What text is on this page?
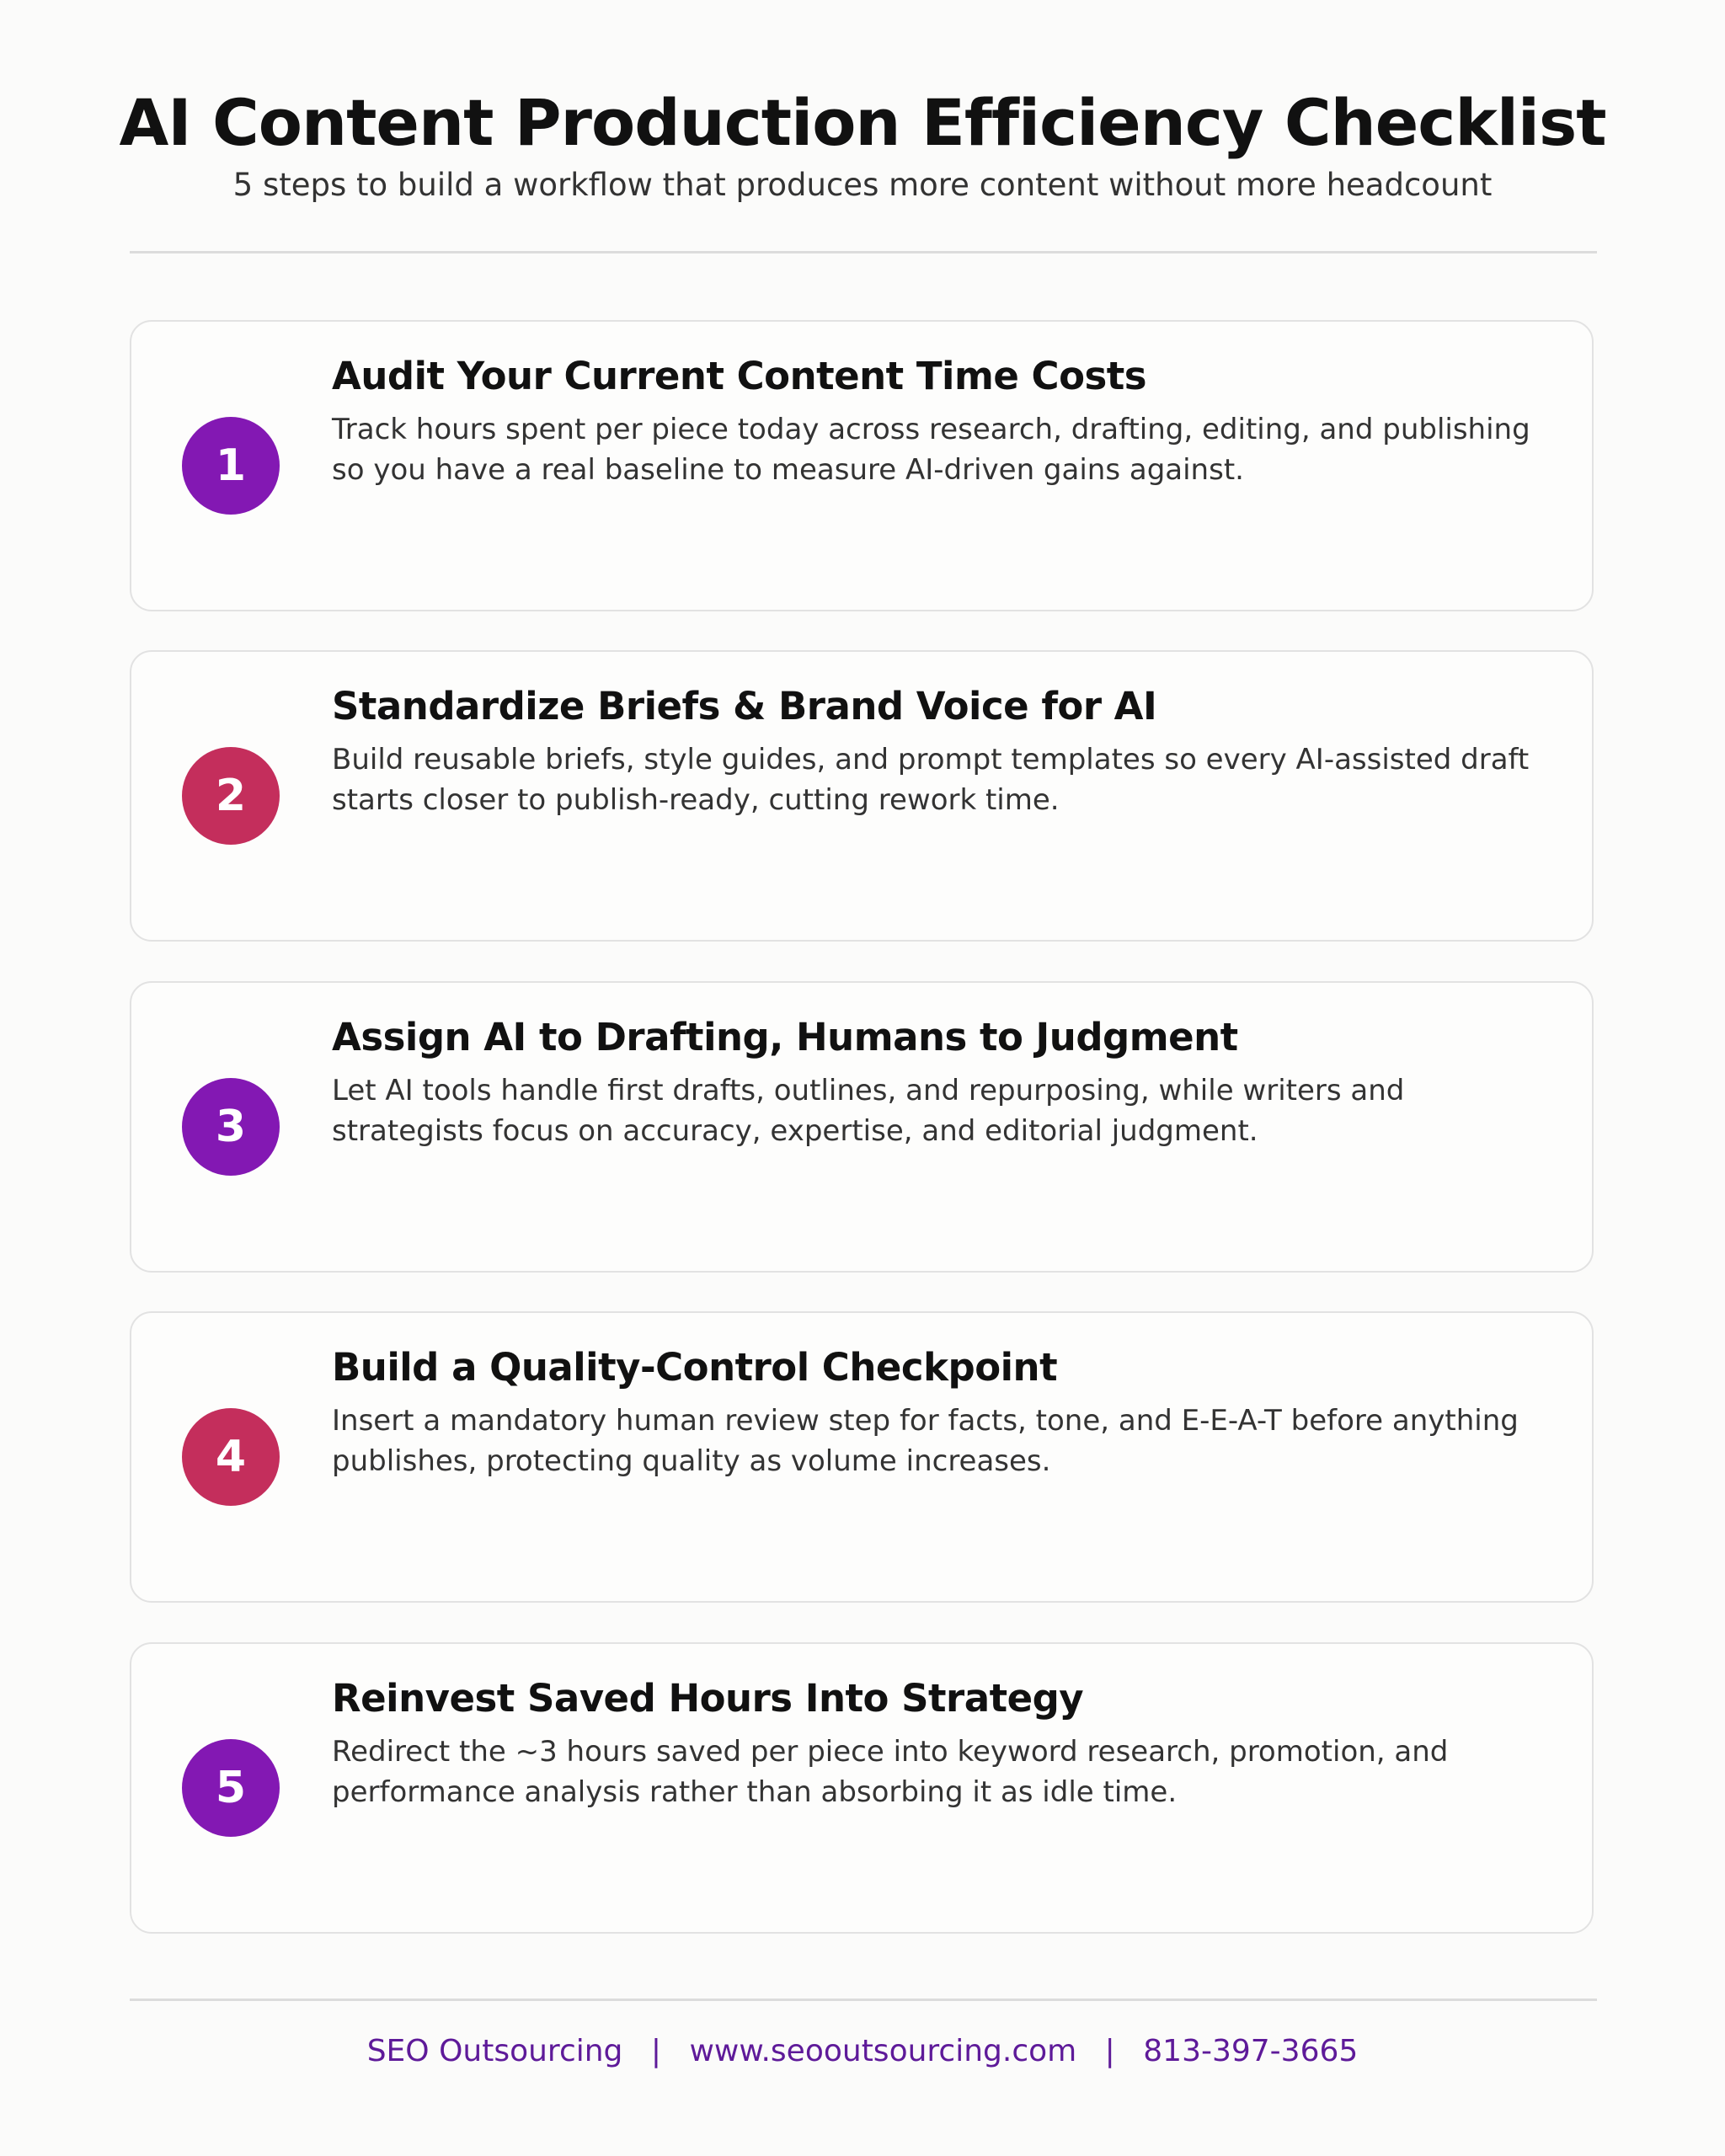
AI Content Production Efficiency Checklist
5 steps to build a workflow that produces more content without more headcount
1
Audit Your Current Content Time Costs
Track hours spent per piece today across research, drafting, editing, and publishing so you have a real baseline to measure AI-driven gains against.
2
Standardize Briefs & Brand Voice for AI
Build reusable briefs, style guides, and prompt templates so every AI-assisted draft starts closer to publish-ready, cutting rework time.
3
Assign AI to Drafting, Humans to Judgment
Let AI tools handle first drafts, outlines, and repurposing, while writers and strategists focus on accuracy, expertise, and editorial judgment.
4
Build a Quality-Control Checkpoint
Insert a mandatory human review step for facts, tone, and E-E-A-T before anything publishes, protecting quality as volume increases.
5
Reinvest Saved Hours Into Strategy
Redirect the ~3 hours saved per piece into keyword research, promotion, and performance analysis rather than absorbing it as idle time.
SEO Outsourcing | www.seooutsourcing.com | 813-397-3665
